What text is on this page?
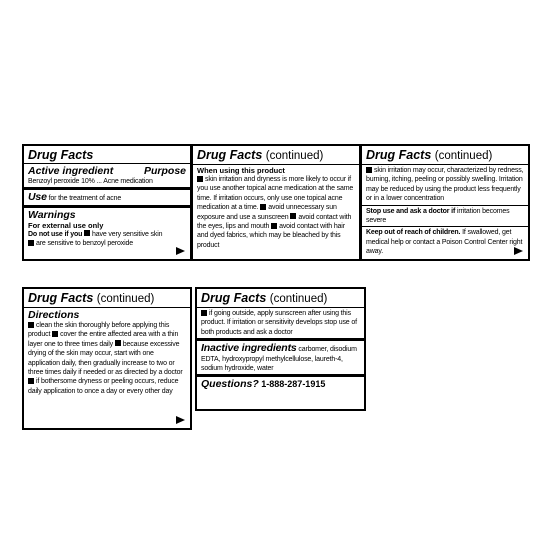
Drug Facts
Active ingredient	Purpose
Benzoyl peroxide 10% ... Acne medication
Use for the treatment of acne
Warnings
For external use only
Do not use if you have very sensitive skin
are sensitive to benzoyl peroxide
Drug Facts (continued)
When using this product
skin irritation and dryness is more likely to occur if you use another topical acne medication at the same time. If irritation occurs, only use one topical acne medication at a time. avoid unnecessary sun exposure and use a sunscreen avoid contact with the eyes, lips and mouth avoid contact with hair and dyed fabrics, which may be bleached by this product
Drug Facts (continued)
skin irritation may occur, characterized by redness, burning, itching, peeling or possibly swelling. Irritation may be reduced by using the product less frequently or in a lower concentration
Stop use and ask a doctor if irritation becomes severe
Keep out of reach of children. If swallowed, get medical help or contact a Poison Control Center right away.
Drug Facts (continued)
Directions
clean the skin thoroughly before applying this product cover the entire affected area with a thin layer one to three times daily because excessive drying of the skin may occur, start with one application daily, then gradually increase to two or three times daily if needed or as directed by a doctor if bothersome dryness or peeling occurs, reduce daily application to once a day or every other day
Drug Facts (continued)
if going outside, apply sunscreen after using this product. If irritation or sensitivity develops stop use of both products and ask a doctor
Inactive ingredients carbomer, disodium EDTA, hydroxypropyl methylcellulose, laureth-4, sodium hydroxide, water
Questions? 1-888-287-1915
